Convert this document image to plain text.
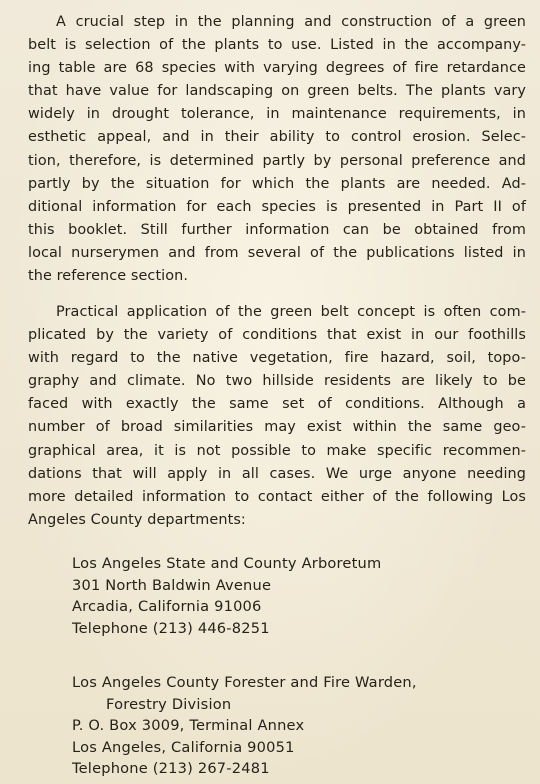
A crucial step in the planning and construction of a green
belt is selection of the plants to use. Listed in the accompany-
ing table are 68 species with varying degrees of fire retardance
that have value for landscaping on green belts. The plants vary
widely in drought tolerance, in maintenance requirements, in
esthetic appeal, and in their ability to control erosion. Selec-
tion, therefore, is determined partly by personal preference and
partly by the situation for which the plants are needed. Ad-
ditional information for each species is presented in Part II of
this booklet. Still further information can be obtained from
local nurserymen and from several of the publications listed in
the reference section.

Practical application of the green belt concept is often com-
plicated by the variety of conditions that exist in our foothills
with regard to the native vegetation, fire hazard, soil, topo-
graphy and climate. No two hillside residents are likely to be
faced with exactly the same set of conditions. Although a
number of broad similarities may exist within the same geo-
graphical area, it is not possible to make specific recommen-
dations that will apply in all cases. We urge anyone needing
more detailed information to contact either of the following Los
Angeles County departments:

Los Angeles State and County Arboretum
301 North Baldwin Avenue
Arcadia, California 91006
Telephone (213) 446-8251
Los Angeles County Forester and Fire Warden,
Forestry Division
P. O. Box 3009, Terminal Annex
Los Angeles, California 90051
Telephone (213) 267-2481
